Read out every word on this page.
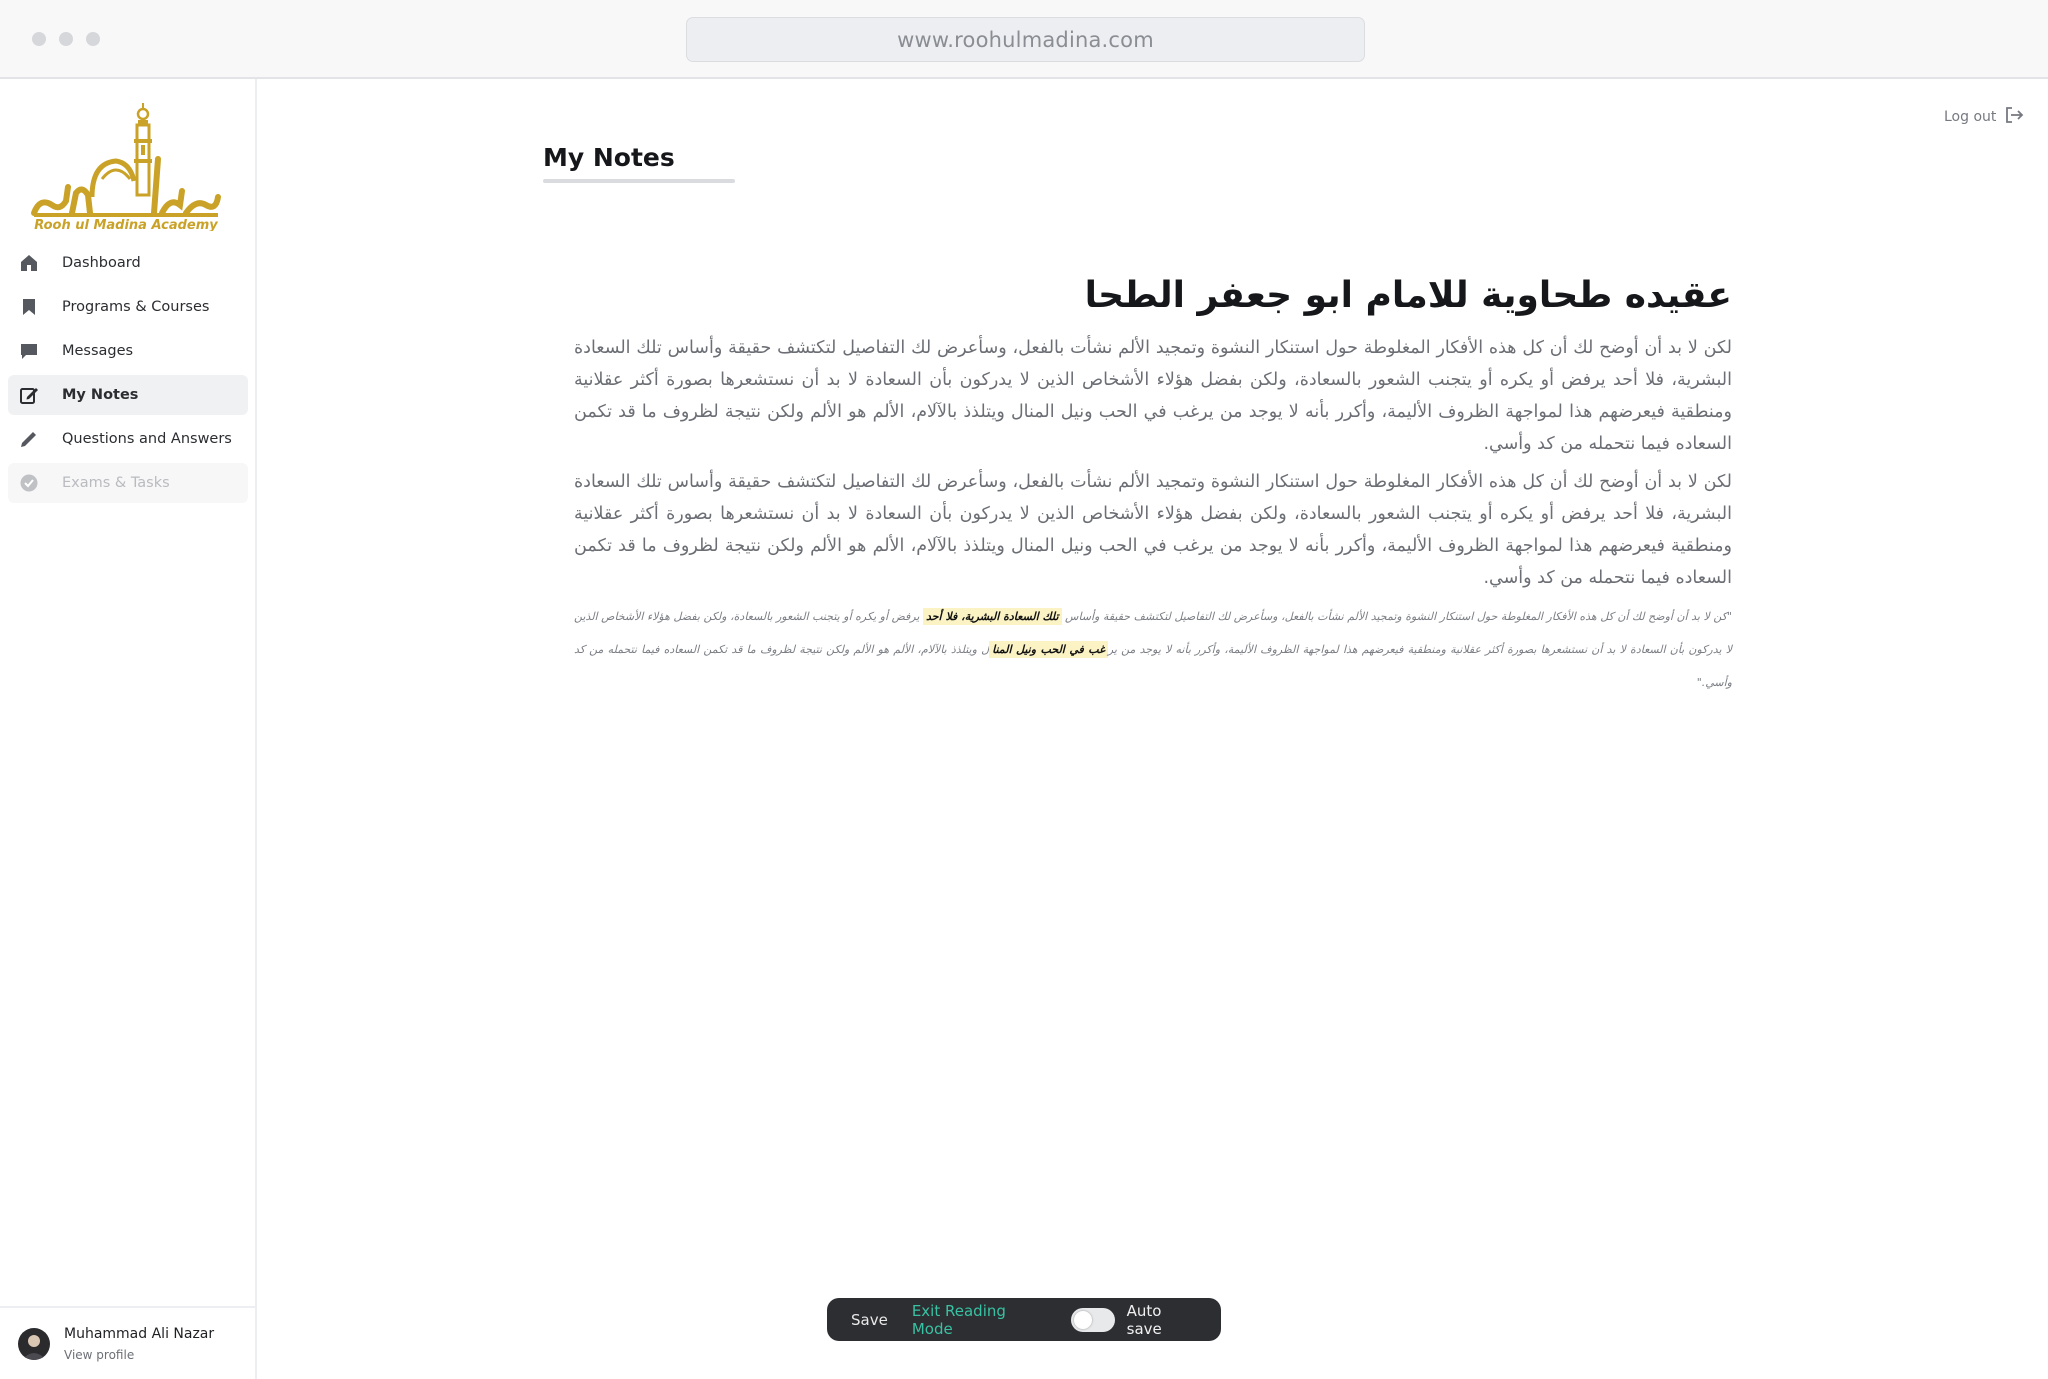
www.roohulmadina.com
Rooh ul Madina Academy
Dashboard
Programs & Courses
Messages
My Notes
Questions and Answers
Exams & Tasks
Muhammad Ali Nazar
View profile
Log out
My Notes
عقيده طحاوية للامام ابو جعفر الطحا

لكن لا بد أن أوضح لك أن كل هذه الأفكار المغلوطة حول استنكار النشوة وتمجيد الألم نشأت بالفعل، وسأعرض لك التفاصيل لتكتشف حقيقة وأساس تلك السعادة البشرية، فلا أحد يرفض أو يكره أو يتجنب الشعور بالسعادة، ولكن بفضل هؤلاء الأشخاص الذين لا يدركون بأن السعادة لا بد أن نستشعرها بصورة أكثر عقلانية ومنطقية فيعرضهم هذا لمواجهة الظروف الأليمة، وأكرر بأنه لا يوجد من يرغب في الحب ونيل المنال ويتلذذ بالآلام، الألم هو الألم ولكن نتيجة لظروف ما قد تكمن السعاده فيما نتحمله من كد وأسي.

لكن لا بد أن أوضح لك أن كل هذه الأفكار المغلوطة حول استنكار النشوة وتمجيد الألم نشأت بالفعل، وسأعرض لك التفاصيل لتكتشف حقيقة وأساس تلك السعادة البشرية، فلا أحد يرفض أو يكره أو يتجنب الشعور بالسعادة، ولكن بفضل هؤلاء الأشخاص الذين لا يدركون بأن السعادة لا بد أن نستشعرها بصورة أكثر عقلانية ومنطقية فيعرضهم هذا لمواجهة الظروف الأليمة، وأكرر بأنه لا يوجد من يرغب في الحب ونيل المنال ويتلذذ بالآلام، الألم هو الألم ولكن نتيجة لظروف ما قد تكمن السعاده فيما نتحمله من كد وأسي.

"كن لا بد أن أوضح لك أن كل هذه الأفكار المغلوطة حول استنكار النشوة وتمجيد الألم نشأت بالفعل، وسأعرض لك التفاصيل لتكتشف حقيقة وأساس تلك السعادة البشرية، فلا أحد يرفض أو يكره أو يتجنب الشعور بالسعادة، ولكن بفضل هؤلاء الأشخاص الذين لا يدركون بأن السعادة لا بد أن نستشعرها بصورة أكثر عقلانية ومنطقية فيعرضهم هذا لمواجهة الظروف الأليمة، وأكرر بأنه لا يوجد من يرغب في الحب ونيل المنال ويتلذذ بالآلام، الألم هو الألم ولكن نتيجة لظروف ما قد تكمن السعاده فيما نتحمله من كد وأسي."

Save Exit Reading Mode
Auto save
